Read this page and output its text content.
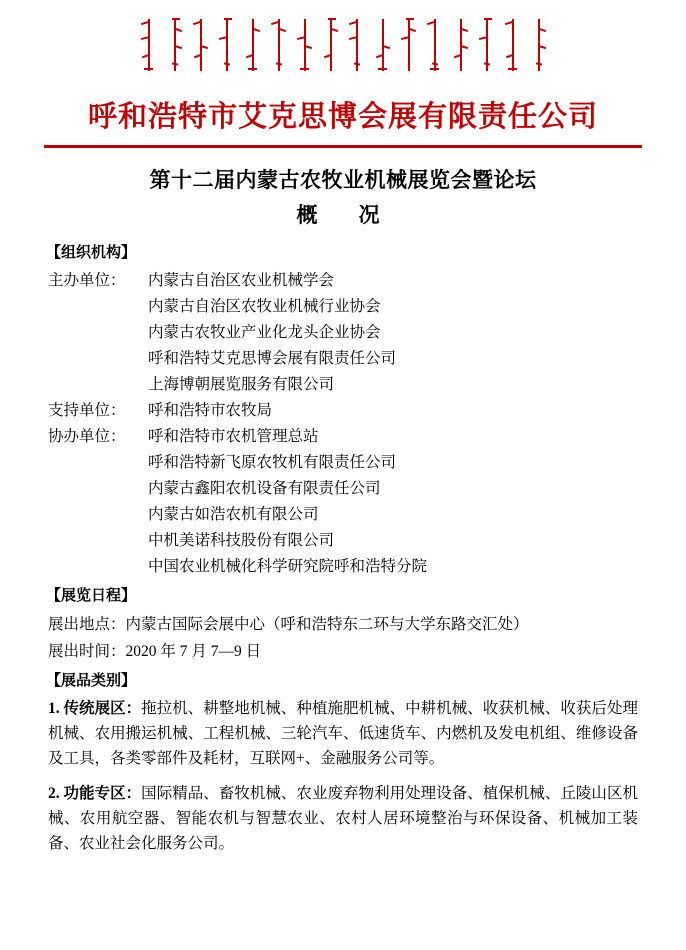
呼和浩特市艾克思博会展有限责任公司
第十二届内蒙古农牧业机械展览会暨论坛
概　况
【组织机构】
主办单位：	内蒙古自治区农业机械学会
内蒙古自治区农牧业机械行业协会
内蒙古农牧业产业化龙头企业协会
呼和浩特艾克思博会展有限责任公司
上海博朝展览服务有限公司

支持单位：	呼和浩特市农牧局

协办单位：	呼和浩特市农机管理总站
呼和浩特新飞原农牧机有限责任公司
内蒙古鑫阳农机设备有限责任公司
内蒙古如浩农机有限公司
中机美诺科技股份有限公司
中国农业机械化科学研究院呼和浩特分院
【展览日程】
展出地点：内蒙古国际会展中心（呼和浩特东二环与大学东路交汇处）
展出时间：2020 年 7 月 7—9 日
【展品类别】
1. 传统展区：拖拉机、耕整地机械、种植施肥机械、中耕机械、收获机械、收获后处理机械、农用搬运机械、工程机械、三轮汽车、低速货车、内燃机及发电机组、维修设备及工具，各类零部件及耗材，互联网+、金融服务公司等。
2. 功能专区：国际精品、畜牧机械、农业废弃物利用处理设备、植保机械、丘陵山区机械、农用航空器、智能农机与智慧农业、农村人居环境整治与环保设备、机械加工装备、农业社会化服务公司。
